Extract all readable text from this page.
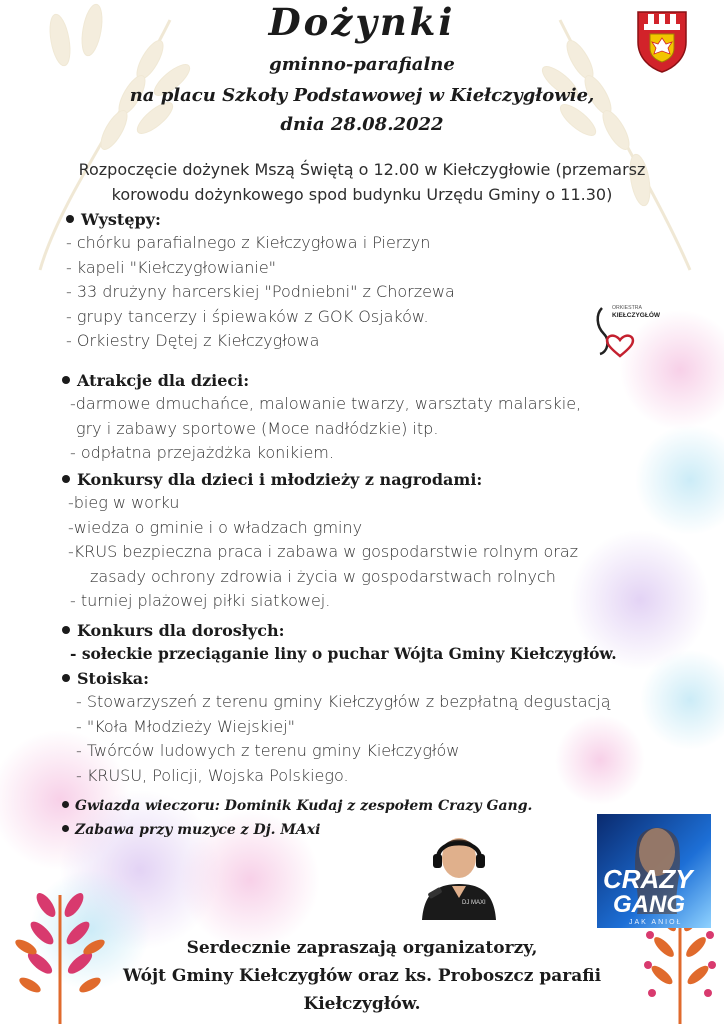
Dożynki
gminno-parafialne
na placu Szkoły Podstawowej w Kiełczygłowie,
dnia 28.08.2022
Rozpoczęcie dożynek Mszą Świętą o 12.00 w Kiełczygłowie (przemarsz
korowodu dożynkowego spod budynku Urzędu Gminy o 11.30)
Występy:
- chórku parafialnego z Kiełczygłowa i Pierzyn
- kapeli "Kiełczygłowianie"
- 33 drużyny harcerskiej "Podniebni" z Chorzewa
- grupy tancerzy i śpiewaków z GOK Osjaków.
- Orkiestry Dętej z Kiełczygłowa
ORKIESTRA
KIEŁCZYGŁÓW
Atrakcje dla dzieci:
-darmowe dmuchańce, malowanie twarzy, warsztaty malarskie,
gry i zabawy sportowe (Moce nadłódzkie) itp.
- odpłatna przejażdżka konikiem.
Konkursy dla dzieci i młodzieży z nagrodami:
-bieg w worku
-wiedza o gminie i o władzach gminy
-KRUS bezpieczna praca i zabawa w gospodarstwie rolnym oraz
zasady ochrony zdrowia i życia w gospodarstwach rolnych
- turniej plażowej piłki siatkowej.
Konkurs dla dorosłych:
- sołeckie przeciąganie liny o puchar Wójta Gminy Kiełczygłów.
Stoiska:
- Stowarzyszeń z terenu gminy Kiełczygłów z bezpłatną degustacją
- "Koła Młodzieży Wiejskiej"
- Twórców ludowych z terenu gminy Kiełczygłów
- KRUSU, Policji, Wojska Polskiego.
Gwiazda wieczoru: Dominik Kudaj z zespołem Crazy Gang.
Zabawa przy muzyce z Dj. MAxi
DJ MAXI
CRAZY
GANG
JAK ANIOŁ
Serdecznie zapraszają organizatorzy,
Wójt Gminy Kiełczygłów oraz ks. Proboszcz parafii
Kiełczygłów.
